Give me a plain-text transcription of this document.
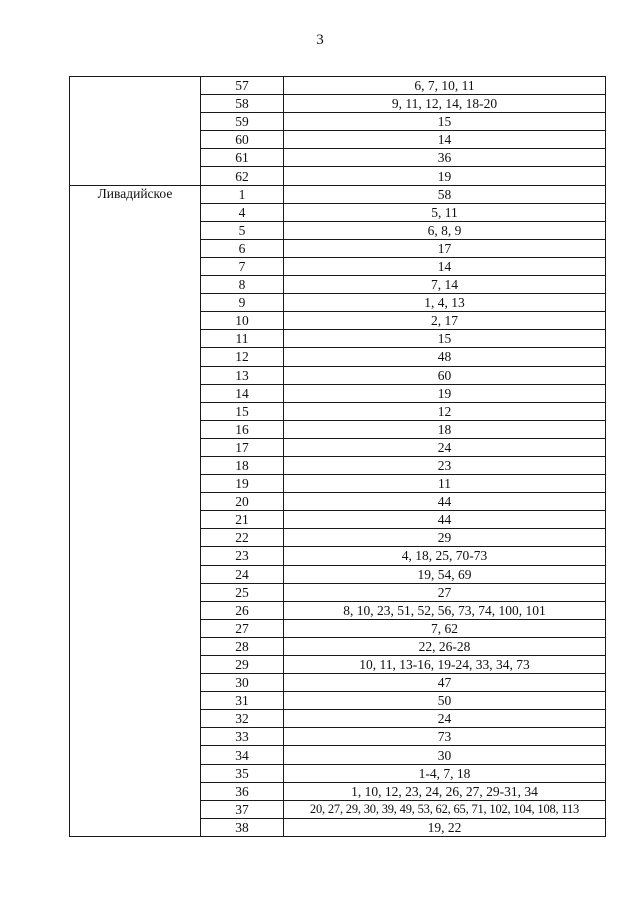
3
	57	6, 7, 10, 11
	58	9, 11, 12, 14, 18-20
	59	15
	60	14
	61	36
	62	19
Ливадийское	1	58
	4	5, 11
	5	6, 8, 9
	6	17
	7	14
	8	7, 14
	9	1, 4, 13
	10	2, 17
	11	15
	12	48
	13	60
	14	19
	15	12
	16	18
	17	24
	18	23
	19	11
	20	44
	21	44
	22	29
	23	4, 18, 25, 70-73
	24	19, 54, 69
	25	27
	26	8, 10, 23, 51, 52, 56, 73, 74, 100, 101
	27	7, 62
	28	22, 26-28
	29	10, 11, 13-16, 19-24, 33, 34, 73
	30	47
	31	50
	32	24
	33	73
	34	30
	35	1-4, 7, 18
	36	1, 10, 12, 23, 24, 26, 27, 29-31, 34
	37	20, 27, 29, 30, 39, 49, 53, 62, 65, 71, 102, 104, 108, 113
	38	19, 22
